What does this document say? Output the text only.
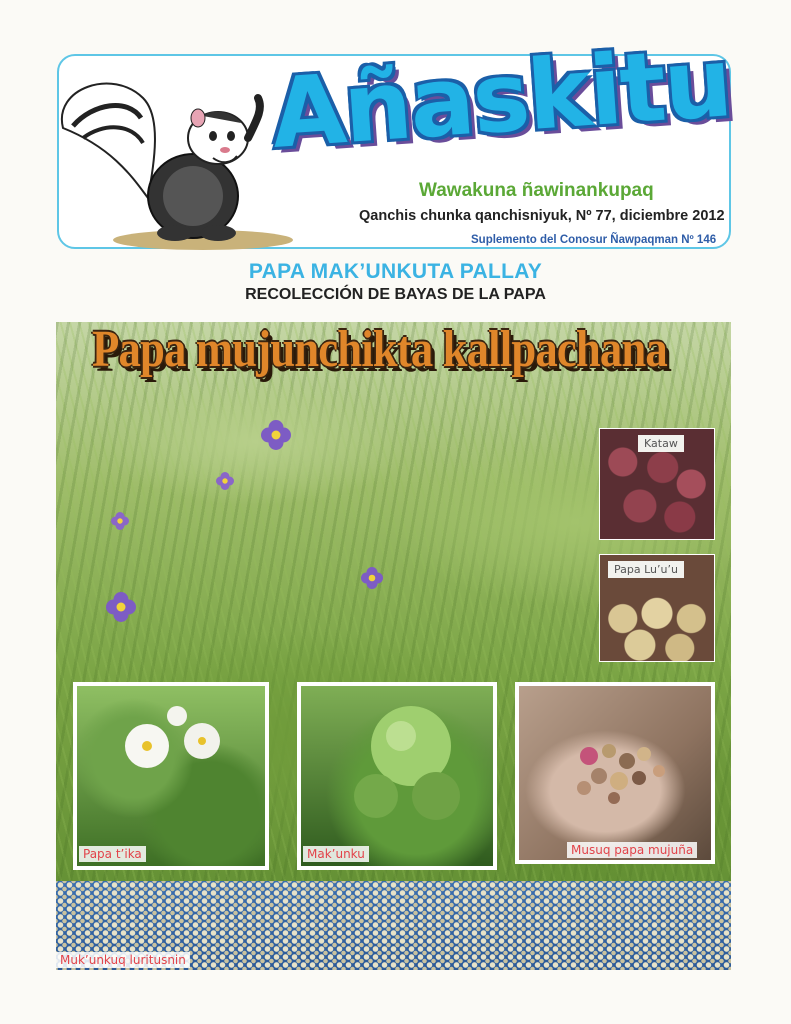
Añaskitu
Wawakuna ñawinankupaq
Qanchis chunka qanchisniyuk, Nº 77, diciembre 2012
Suplemento del Conosur Ñawpaqman Nº 146
PAPA MAK’UNKUTA PALLAY
RECOLECCIÓN DE BAYAS DE LA PAPA
Papa mujunchikta kallpachana
Kataw
Papa Lu’u’u
Papa t’ika	Mak’unku	Musuq papa mujuña
Muk’unkuq luritusnin
